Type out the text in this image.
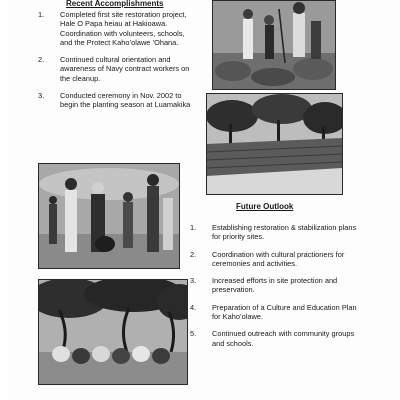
Recent Accomplishments
1.	Completed first site restoration project, Hale O Papa heiau at Hakioawa. Coordination with volunteers, schools, and the Protect Kaho’olawe ’Ohana.
2.	Continued cultural orientation and awareness of Navy contract workers on the cleanup.
3.	Conducted ceremony in Nov. 2002 to begin the planting season at Luamakika
Future Outlook
1.	Establishing restoration & stabilization plans for priority sites.
2.	Coordination with cultural practioners for ceremonies and activities.
3.	Increased efforts in site protection and preservation.
4.	Preparation of a Culture and Education Plan for Kaho’olawe.
5.	Continued outreach with community groups and schools.
